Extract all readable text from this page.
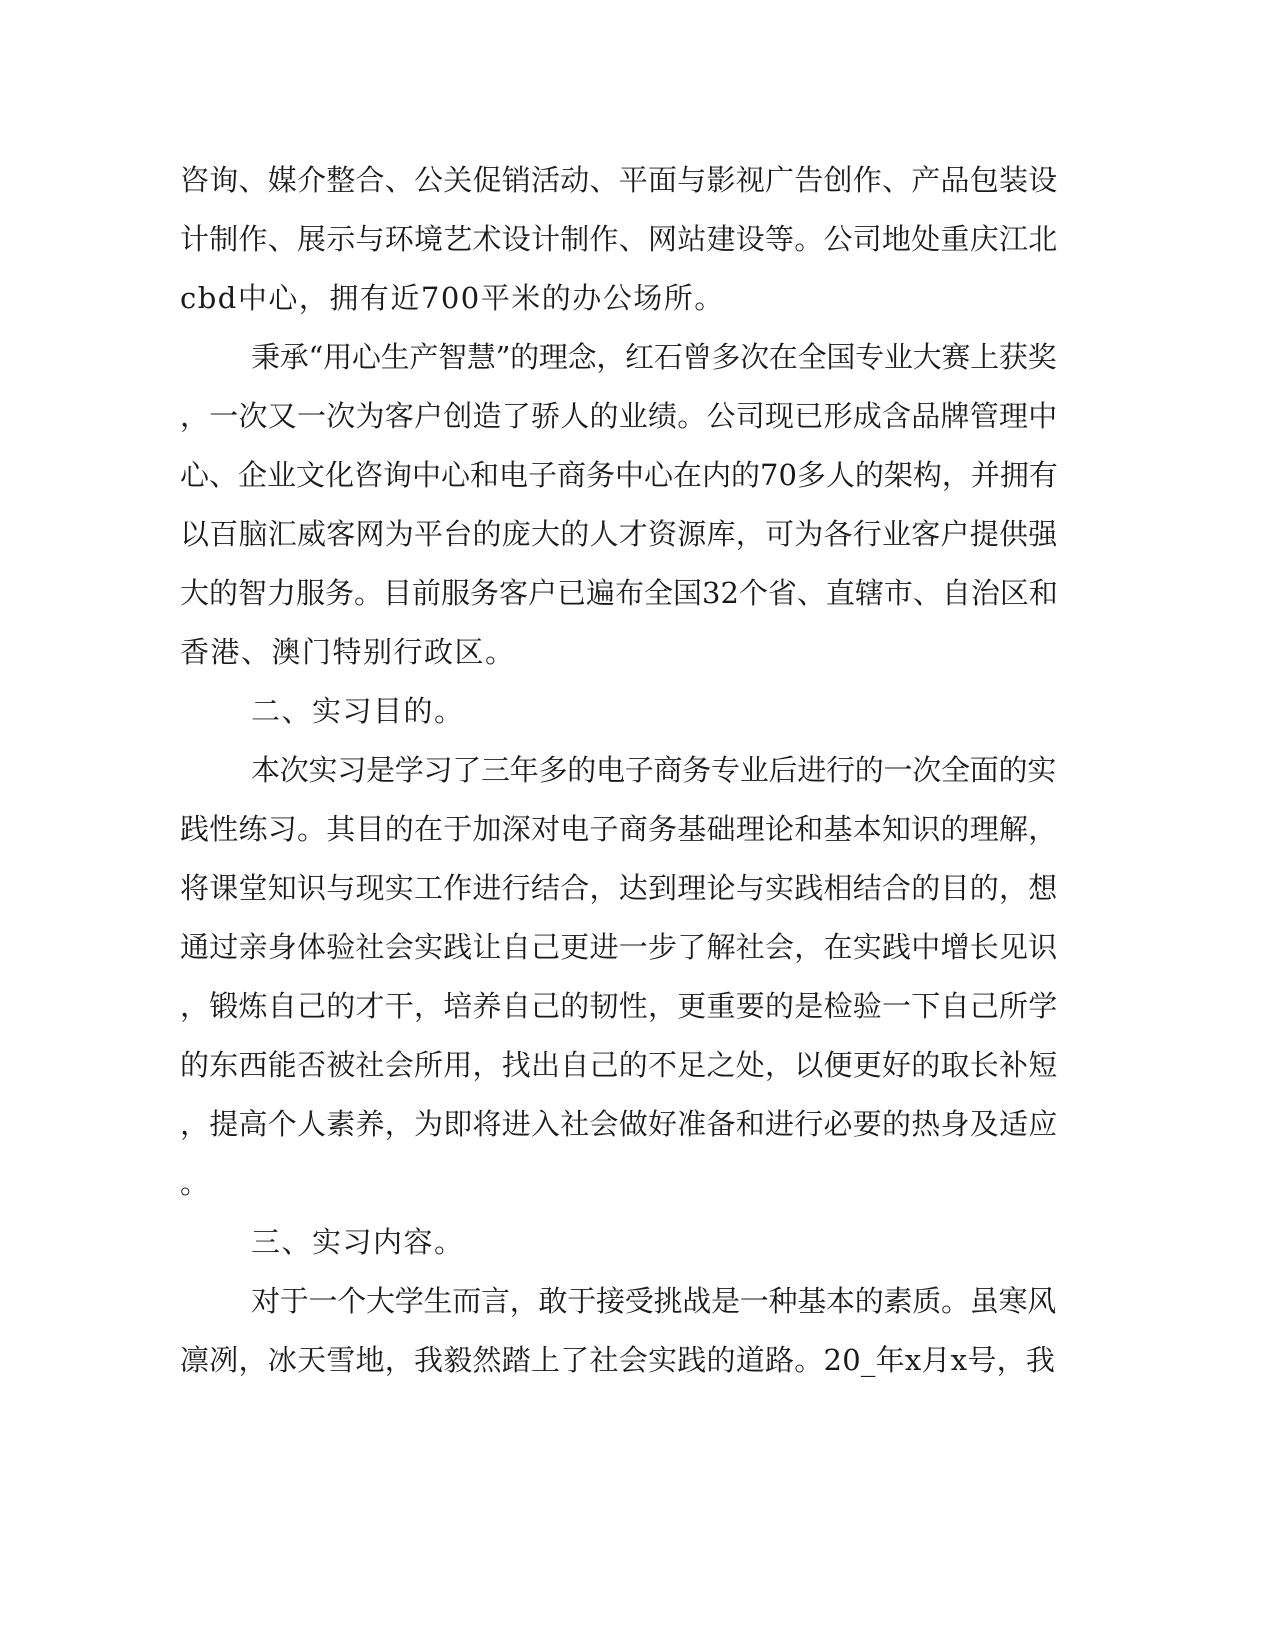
咨询、媒介整合、公关促销活动、平面与影视广告创作、产品包装设
计制作、展示与环境艺术设计制作、网站建设等。公司地处重庆江北
cbd中心，拥有近700平米的办公场所。
秉承“用心生产智慧”的理念，红石曾多次在全国专业大赛上获奖
，一次又一次为客户创造了骄人的业绩。公司现已形成含品牌管理中
心、企业文化咨询中心和电子商务中心在内的70多人的架构，并拥有
以百脑汇威客网为平台的庞大的人才资源库，可为各行业客户提供强
大的智力服务。目前服务客户已遍布全国32个省、直辖市、自治区和
香港、澳门特别行政区。
二、实习目的。
本次实习是学习了三年多的电子商务专业后进行的一次全面的实
践性练习。其目的在于加深对电子商务基础理论和基本知识的理解，
将课堂知识与现实工作进行结合，达到理论与实践相结合的目的，想
通过亲身体验社会实践让自己更进一步了解社会，在实践中增长见识
，锻炼自己的才干，培养自己的韧性，更重要的是检验一下自己所学
的东西能否被社会所用，找出自己的不足之处，以便更好的取长补短
，提高个人素养，为即将进入社会做好准备和进行必要的热身及适应
。
三、实习内容。
对于一个大学生而言，敢于接受挑战是一种基本的素质。虽寒风
凛冽，冰天雪地，我毅然踏上了社会实践的道路。20_年x月x号，我
